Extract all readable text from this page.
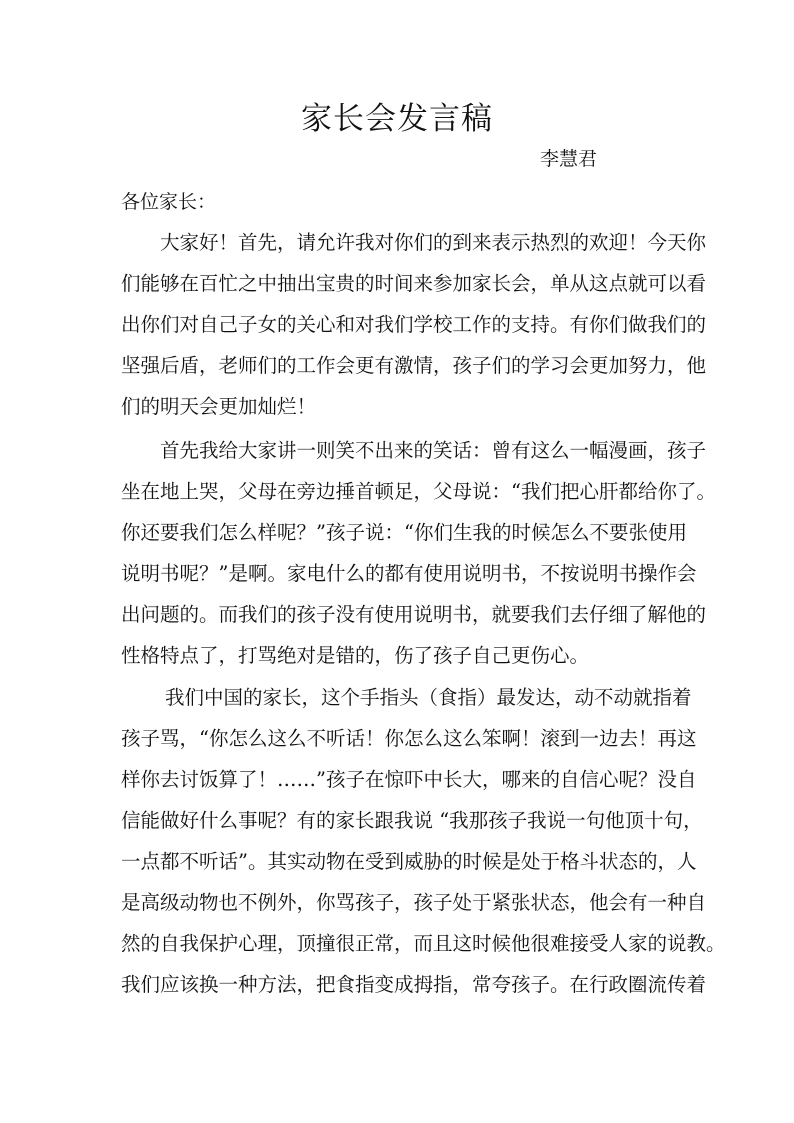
家长会发言稿
李慧君
各位家长：
大家好！首先，请允许我对你们的到来表示热烈的欢迎！今天你
们能够在百忙之中抽出宝贵的时间来参加家长会，单从这点就可以看
出你们对自己子女的关心和对我们学校工作的支持。有你们做我们的
坚强后盾，老师们的工作会更有激情，孩子们的学习会更加努力，他
们的明天会更加灿烂！
首先我给大家讲一则笑不出来的笑话：曾有这么一幅漫画，孩子
坐在地上哭，父母在旁边捶首顿足，父母说：“我们把心肝都给你了。
你还要我们怎么样呢？”孩子说：“你们生我的时候怎么不要张使用
说明书呢？”是啊。家电什么的都有使用说明书，不按说明书操作会
出问题的。而我们的孩子没有使用说明书，就要我们去仔细了解他的
性格特点了，打骂绝对是错的，伤了孩子自己更伤心。
我们中国的家长，这个手指头（食指）最发达，动不动就指着
孩子骂，“你怎么这么不听话！你怎么这么笨啊！滚到一边去！再这
样你去讨饭算了！……”孩子在惊吓中长大，哪来的自信心呢？没自
信能做好什么事呢？有的家长跟我说 “我那孩子我说一句他顶十句，
一点都不听话”。其实动物在受到威胁的时候是处于格斗状态的，人
是高级动物也不例外，你骂孩子，孩子处于紧张状态，他会有一种自
然的自我保护心理，顶撞很正常，而且这时候他很难接受人家的说教。
我们应该换一种方法，把食指变成拇指，常夸孩子。在行政圈流传着
